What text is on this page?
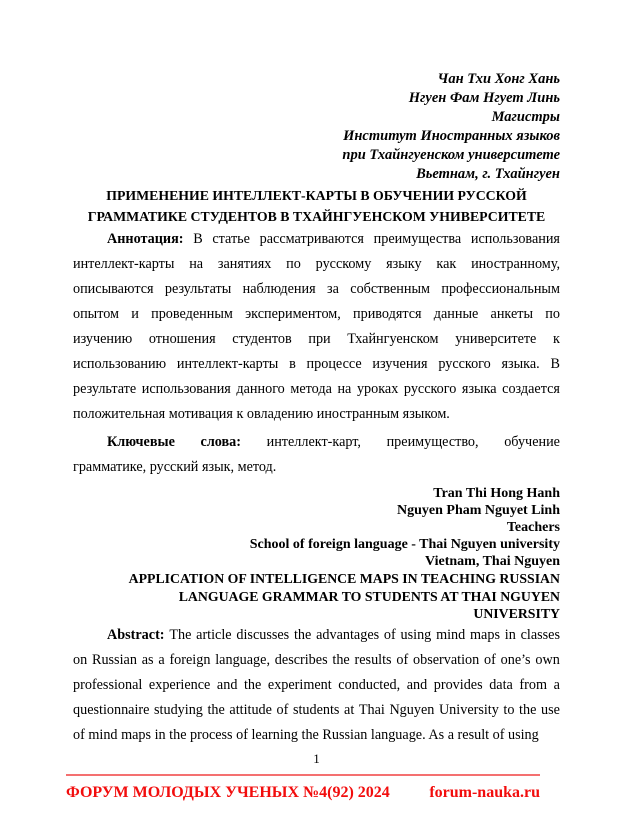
Чан Тхи Хонг Хань
Нгуен Фам Нгует Линь
Магистры
Институт Иностранных языков
при Тхайнгуенском университете
Вьетнам, г. Тхайнгуен
ПРИМЕНЕНИЕ ИНТЕЛЛЕКТ-КАРТЫ В ОБУЧЕНИИ РУССКОЙ
ГРАММАТИКЕ СТУДЕНТОВ В ТХАЙНГУЕНСКОМ УНИВЕРСИТЕТЕ
Аннотация: В статье рассматриваются преимущества использования
интеллект-карты на занятиях по русскому языку как иностранному,
описываются результаты наблюдения за собственным профессиональным
опытом и проведенным экспериментом, приводятся данные анкеты по
изучению отношения студентов при Тхайнгуенском университете к
использованию интеллект-карты в процессе изучения русского языка. В
результате использования данного метода на уроках русского языка создается
положительная мотивация к овладению иностранным языком.
Ключевые слова: интеллект-карт, преимущество, обучение
грамматике, русский язык, метод.
Tran Thi Hong Hanh
Nguyen Pham Nguyet Linh
Teachers
School of foreign language - Thai Nguyen university
Vietnam, Thai Nguyen
APPLICATION OF INTELLIGENCE MAPS IN TEACHING RUSSIAN
LANGUAGE GRAMMAR TO STUDENTS AT THAI NGUYEN
UNIVERSITY
Abstract: The article discusses the advantages of using mind maps in classes
on Russian as a foreign language, describes the results of observation of one’s own
professional experience and the experiment conducted, and provides data from a
questionnaire studying the attitude of students at Thai Nguyen University to the use
of mind maps in the process of learning the Russian language. As a result of using
1
ФОРУМ МОЛОДЫХ УЧЕНЫХ №4(92) 2024 forum-nauka.ru
